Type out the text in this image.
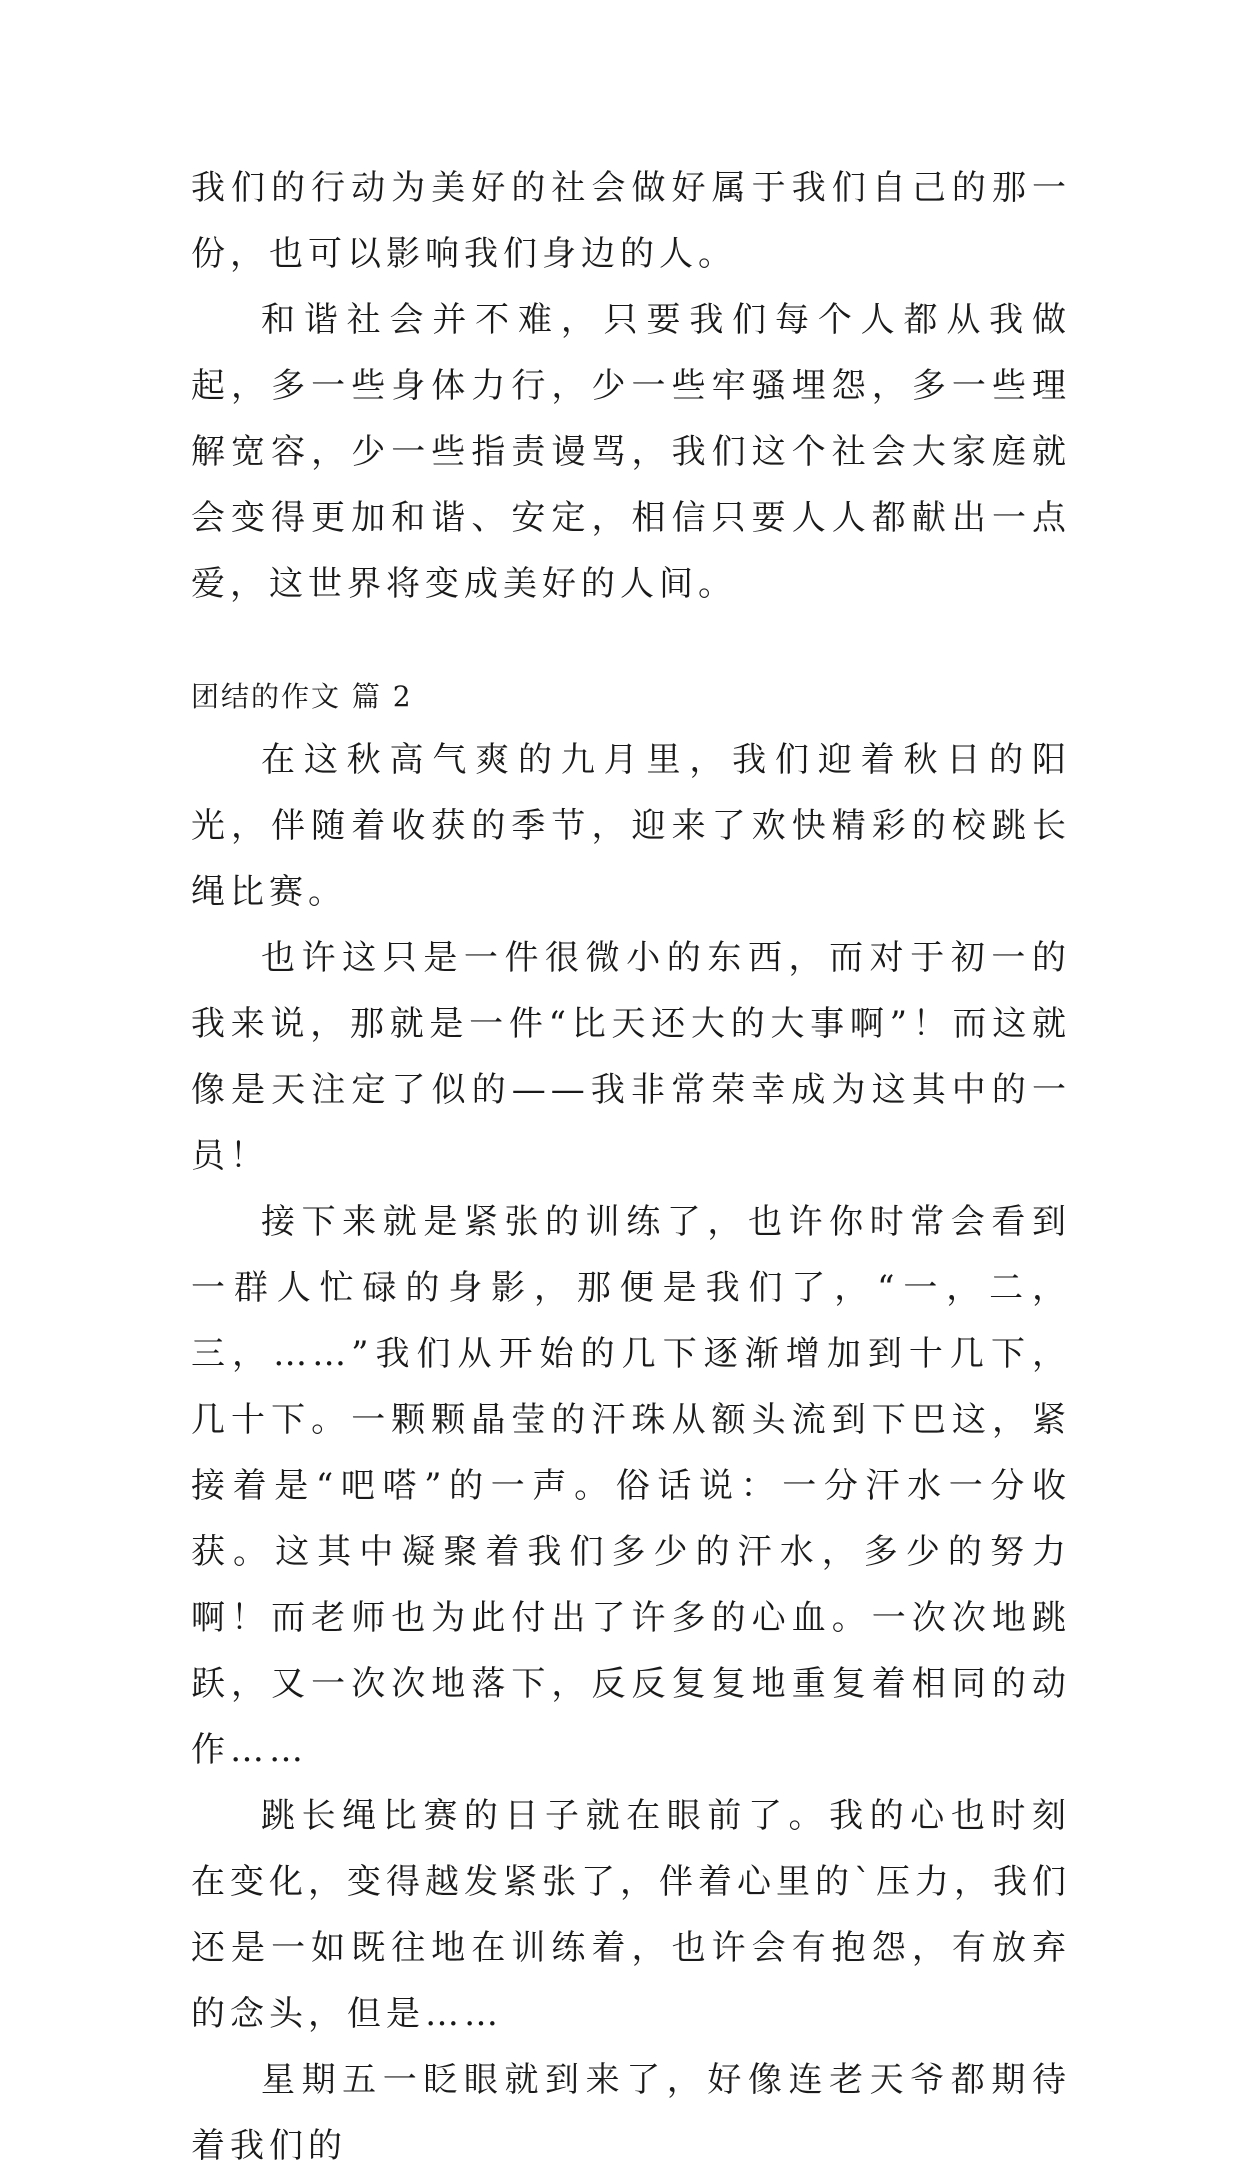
我们的行动为美好的社会做好属于我们自己的那一份，也可以影响我们身边的人。

和谐社会并不难，只要我们每个人都从我做起，多一些身体力行，少一些牢骚埋怨，多一些理解宽容，少一些指责谩骂，我们这个社会大家庭就会变得更加和谐、安定，相信只要人人都献出一点爱，这世界将变成美好的人间。

团结的作文 篇 2

在这秋高气爽的九月里，我们迎着秋日的阳光，伴随着收获的季节，迎来了欢快精彩的校跳长绳比赛。

也许这只是一件很微小的东西，而对于初一的我来说，那就是一件“比天还大的大事啊”！而这就像是天注定了似的——我非常荣幸成为这其中的一员！

接下来就是紧张的训练了，也许你时常会看到一群人忙碌的身影，那便是我们了，“一，二，三，……”我们从开始的几下逐渐增加到十几下，几十下。一颗颗晶莹的汗珠从额头流到下巴这，紧接着是“吧嗒”的一声。俗话说：一分汗水一分收获。这其中凝聚着我们多少的汗水，多少的努力啊！而老师也为此付出了许多的心血。一次次地跳跃，又一次次地落下，反反复复地重复着相同的动作……

跳长绳比赛的日子就在眼前了。我的心也时刻在变化，变得越发紧张了，伴着心里的`压力，我们还是一如既往地在训练着，也许会有抱怨，有放弃的念头，但是……

星期五一眨眼就到来了，好像连老天爷都期待着我们的
